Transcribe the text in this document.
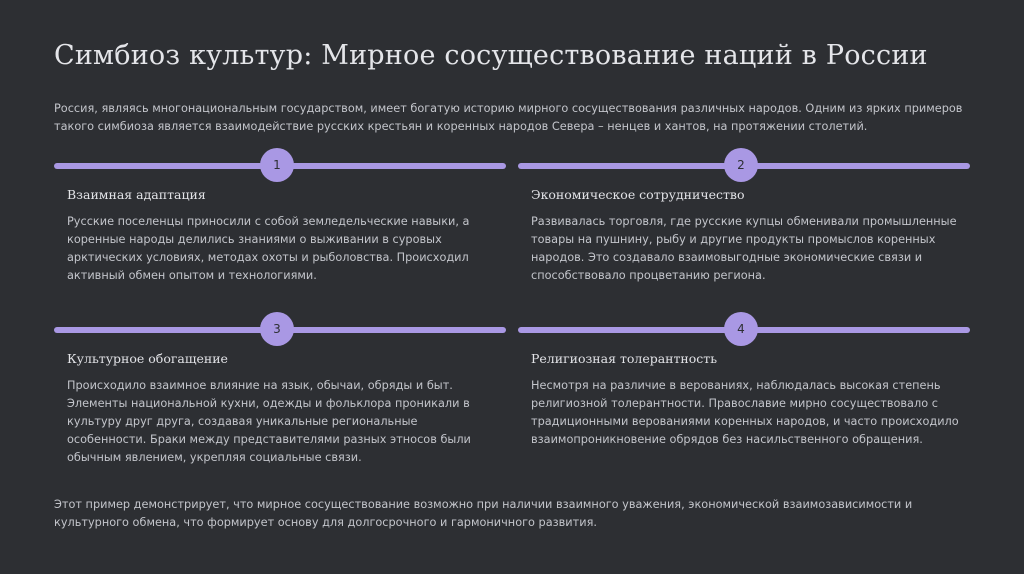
Симбиоз культур: Мирное сосуществование наций в России

Россия, являясь многонациональным государством, имеет богатую историю мирного сосуществования различных народов. Одним из ярких примеров такого симбиоза является взаимодействие русских крестьян и коренных народов Севера – ненцев и хантов, на протяжении столетий.

1
Взаимная адаптация

Русские поселенцы приносили с собой земледельческие навыки, а коренные народы делились знаниями о выживании в суровых арктических условиях, методах охоты и рыболовства. Происходил активный обмен опытом и технологиями.

2
Экономическое сотрудничество

Развивалась торговля, где русские купцы обменивали промышленные товары на пушнину, рыбу и другие продукты промыслов коренных народов. Это создавало взаимовыгодные экономические связи и способствовало процветанию региона.

3
Культурное обогащение

Происходило взаимное влияние на язык, обычаи, обряды и быт. Элементы национальной кухни, одежды и фольклора проникали в культуру друг друга, создавая уникальные региональные особенности. Браки между представителями разных этносов были обычным явлением, укрепляя социальные связи.

4
Религиозная толерантность

Несмотря на различие в верованиях, наблюдалась высокая степень религиозной толерантности. Православие мирно сосуществовало с традиционными верованиями коренных народов, и часто происходило взаимопроникновение обрядов без насильственного обращения.

Этот пример демонстрирует, что мирное сосуществование возможно при наличии взаимного уважения, экономической взаимозависимости и культурного обмена, что формирует основу для долгосрочного и гармоничного развития.
